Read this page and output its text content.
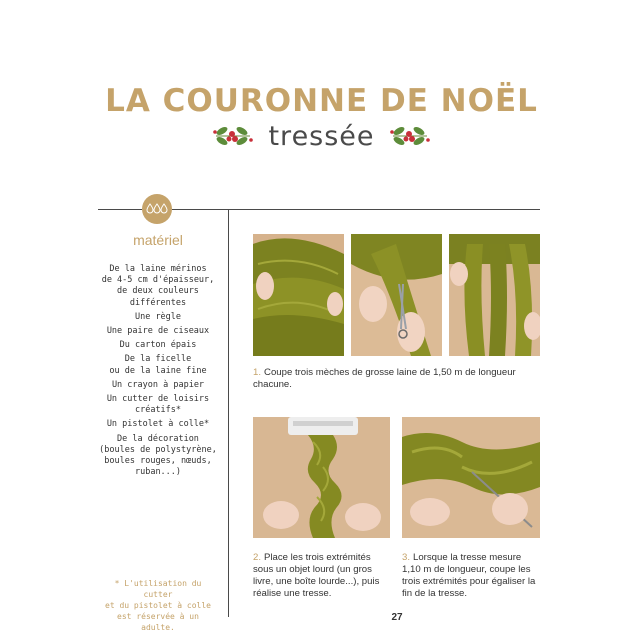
LA COURONNE DE NOËL
tressée
matériel
De la laine mérinos
de 4-5 cm d'épaisseur,
de deux couleurs
différentes
Une règle
Une paire de ciseaux
Du carton épais
De la ficelle
ou de la laine fine
Un crayon à papier
Un cutter de loisirs
créatifs*
Un pistolet à colle*
De la décoration
(boules de polystyrène,
boules rouges, nœuds,
ruban...)
* L'utilisation du cutter
et du pistolet à colle
est réservée à un adulte.
1. Coupe trois mèches de grosse laine de 1,50 m de longueur chacune.
2. Place les trois extrémités sous un objet lourd (un gros livre, une boîte lourde...), puis réalise une tresse.
3. Lorsque la tresse mesure 1,10 m de longueur, coupe les trois extrémités pour égaliser la fin de la tresse.
27
